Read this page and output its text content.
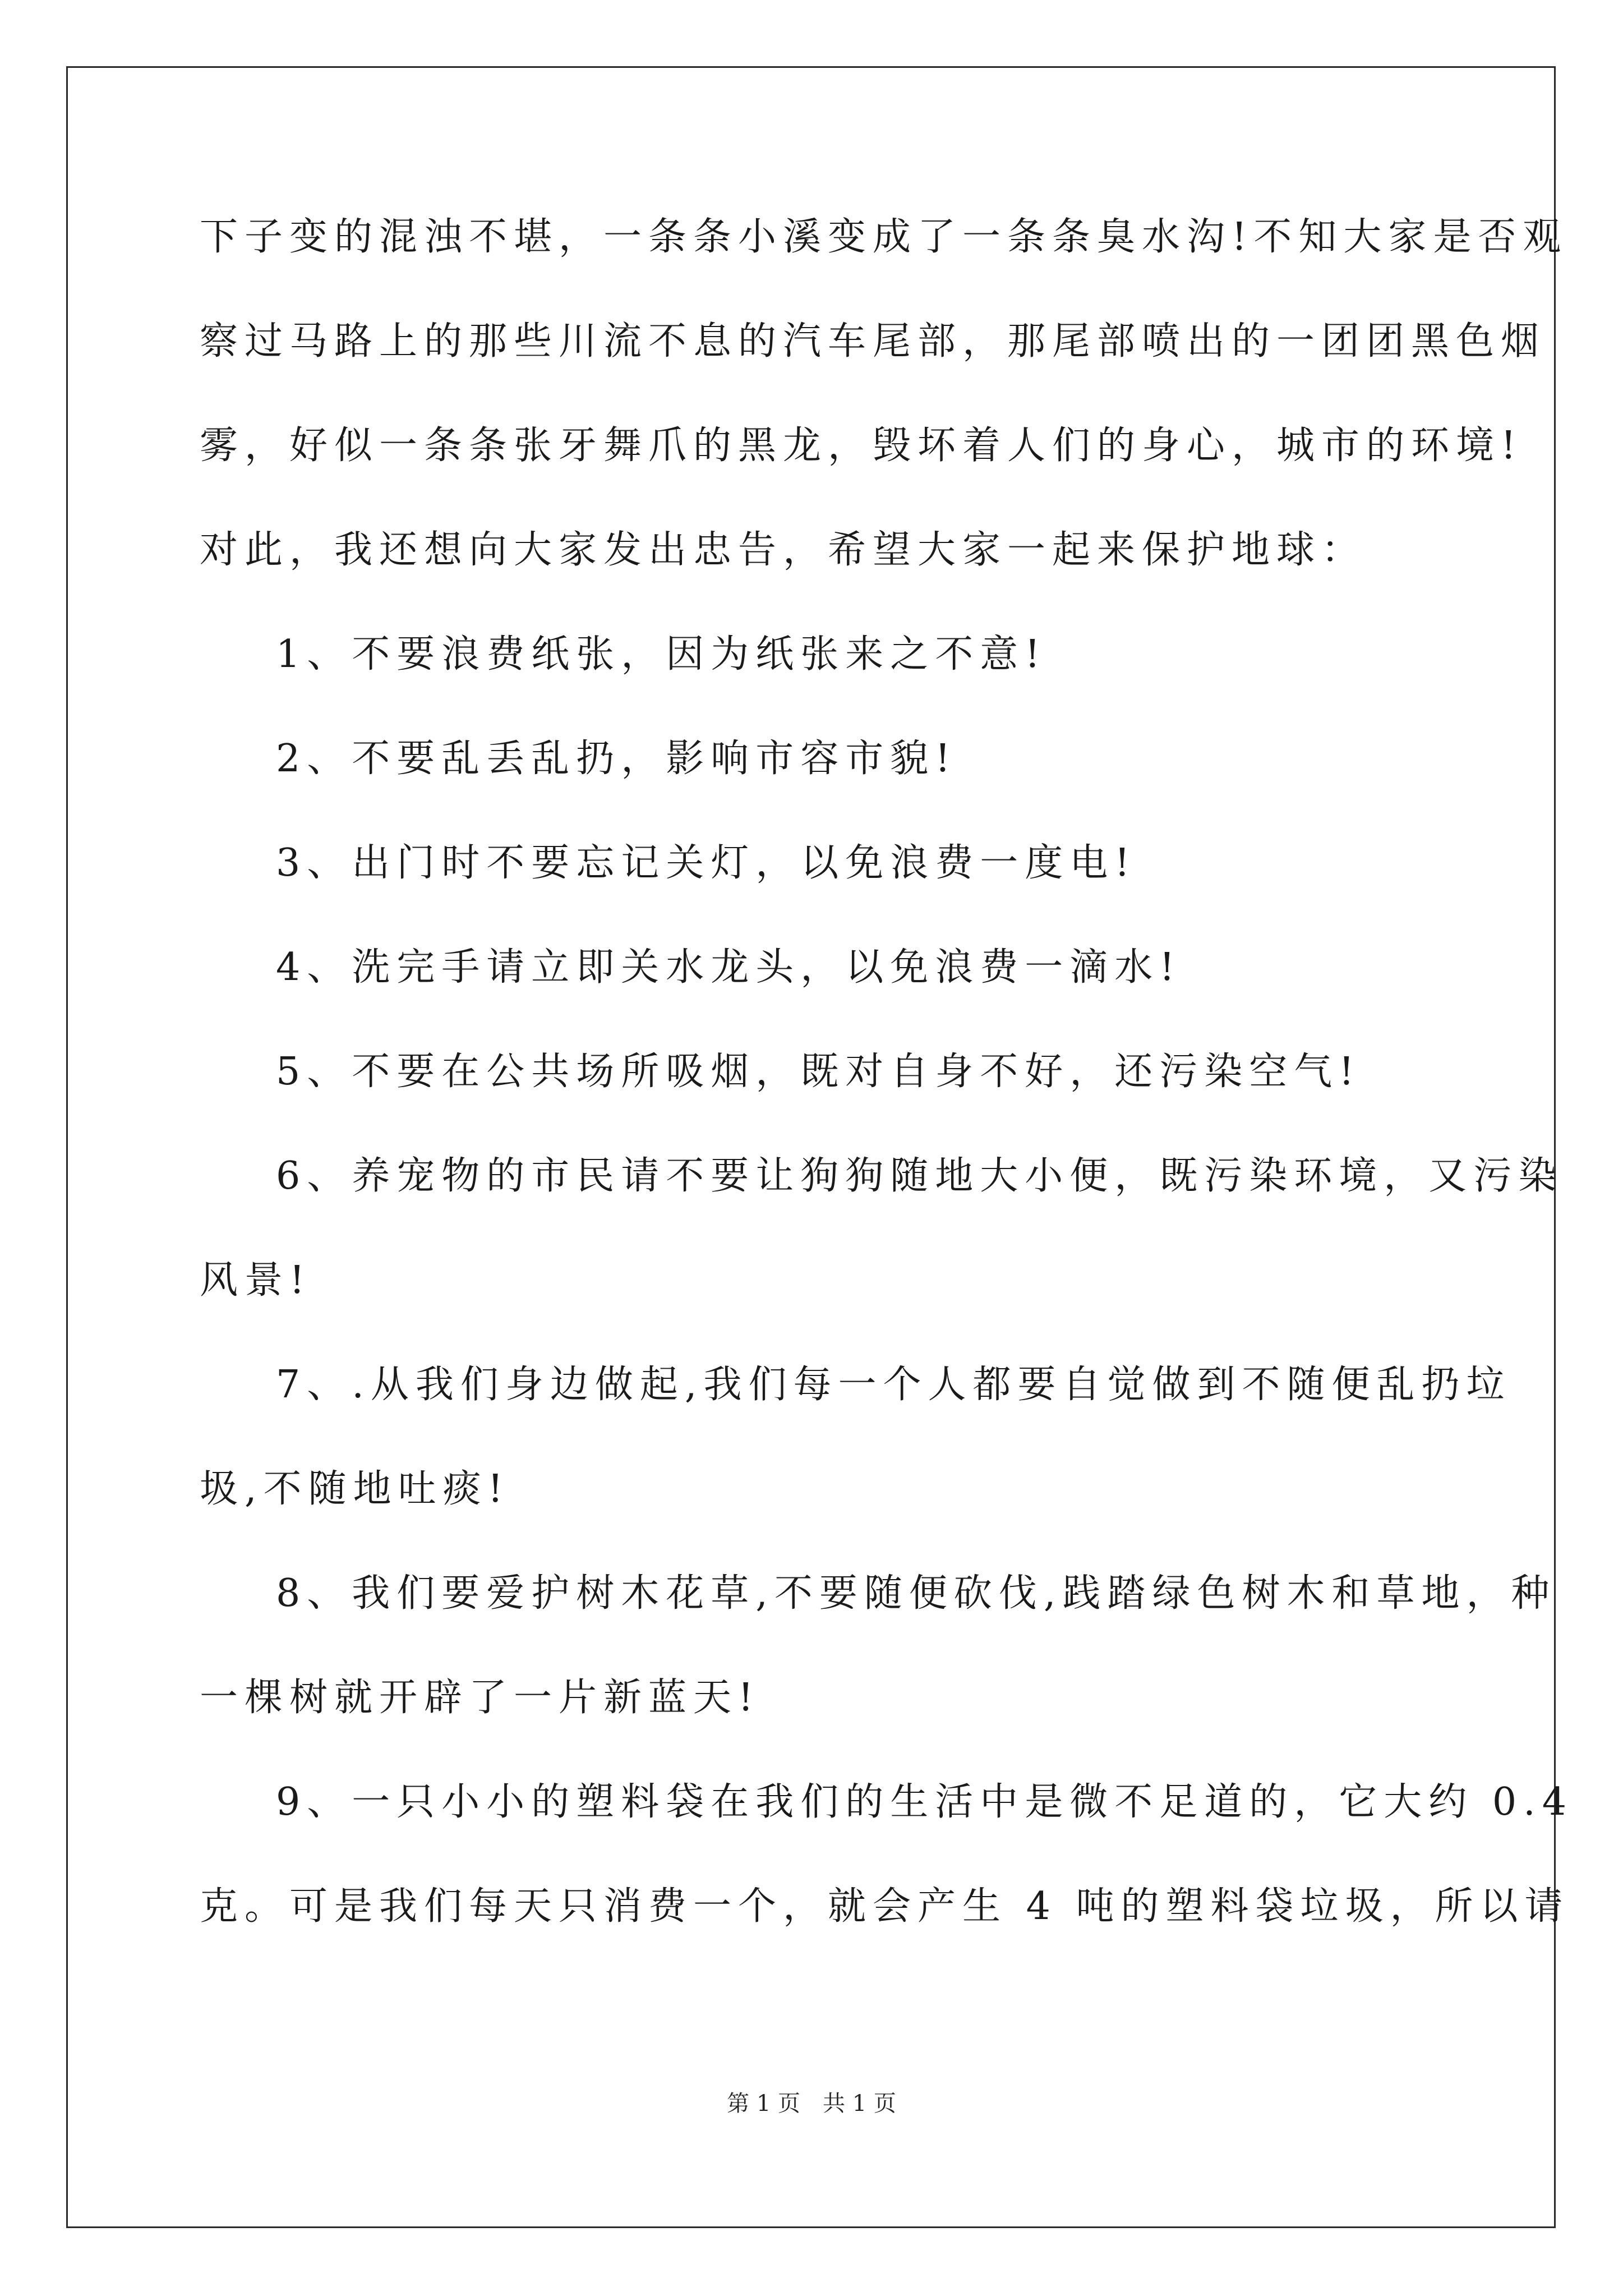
下子变的混浊不堪，一条条小溪变成了一条条臭水沟!不知大家是否观
察过马路上的那些川流不息的汽车尾部，那尾部喷出的一团团黑色烟
雾，好似一条条张牙舞爪的黑龙，毁坏着人们的身心，城市的环境!
对此，我还想向大家发出忠告，希望大家一起来保护地球：
1、不要浪费纸张，因为纸张来之不意!
2、不要乱丢乱扔，影响市容市貌!
3、出门时不要忘记关灯，以免浪费一度电!
4、洗完手请立即关水龙头，以免浪费一滴水!
5、不要在公共场所吸烟，既对自身不好，还污染空气!
6、养宠物的市民请不要让狗狗随地大小便，既污染环境，又污染
风景!
7、.从我们身边做起,我们每一个人都要自觉做到不随便乱扔垃
圾,不随地吐痰!
8、我们要爱护树木花草,不要随便砍伐,践踏绿色树木和草地，种
一棵树就开辟了一片新蓝天!
9、一只小小的塑料袋在我们的生活中是微不足道的，它大约 0.4
克。可是我们每天只消费一个，就会产生 4 吨的塑料袋垃圾，所以请
第 1 页　共 1 页
